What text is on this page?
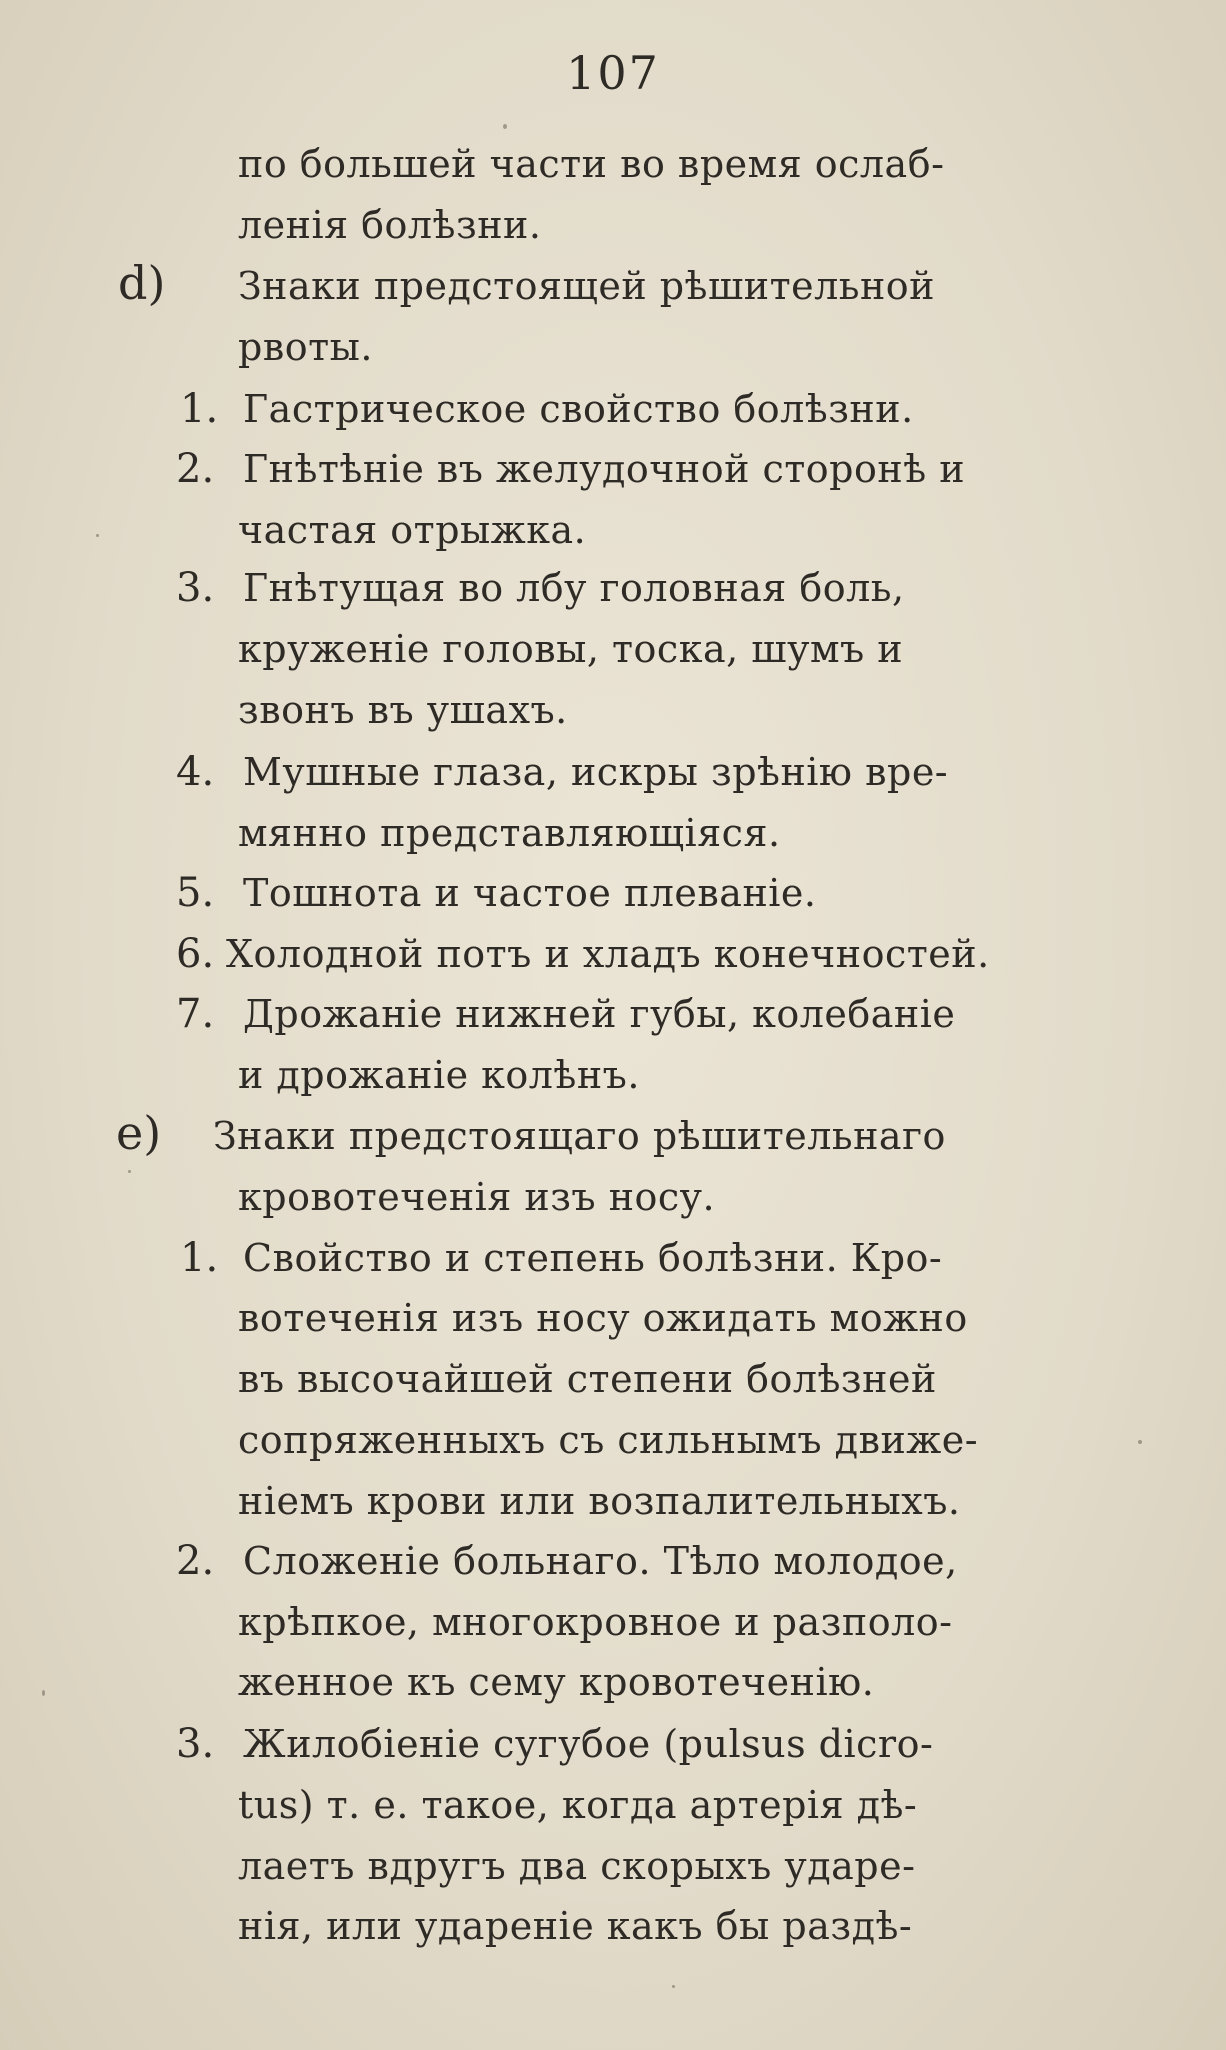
107
по большей части во время ослаб-
ленія болѣзни.
d) Знаки предстоящей рѣшительной
рвоты.
1. Гастрическое свойство болѣзни.
2. Гнѣтѣніе въ желудочной сторонѣ и
частая отрыжка.
3. Гнѣтущая во лбу головная боль,
круженіе головы, тоска, шумъ и
звонъ въ ушахъ.
4. Мушные глаза, искры зрѣнію вре-
мянно представляющіяся.
5. Тошнота и частое плеваніе.
6. Холодной потъ и хладъ конечностей.
7. Дрожаніе нижней губы, колебаніе
и дрожаніе колѣнъ.
e) Знаки предстоящаго рѣшительнаго
кровотеченія изъ носу.
1. Свойство и степень болѣзни. Кро-
вотеченія изъ носу ожидать можно
въ высочайшей степени болѣзней
сопряженныхъ съ сильнымъ движе-
ніемъ крови или возпалительныхъ.
2. Сложеніе больнаго. Тѣло молодое,
крѣпкое, многокровное и разполо-
женное къ сему кровотеченію.
3. Жилобіеніе сугубое (pulsus dicro-
tus) т. е. такое, когда артерія дѣ-
лаетъ вдругъ два скорыхъ ударе-
нія, или удареніе какъ бы раздѣ-
